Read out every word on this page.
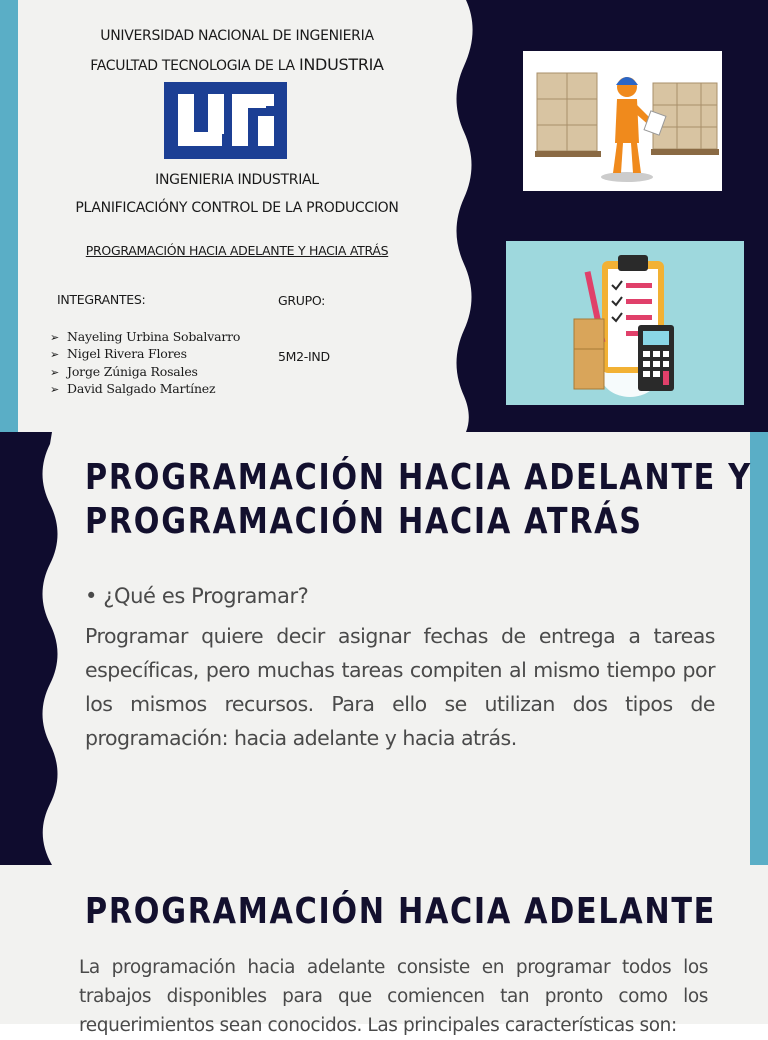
UNIVERSIDAD NACIONAL DE INGENIERIA
FACULTAD TECNOLOGIA DE LA INDUSTRIA
INGENIERIA INDUSTRIAL
PLANIFICACIÓNY CONTROL DE LA PRODUCCION
PROGRAMACIÓN HACIA ADELANTE Y HACIA ATRÁS
INTEGRANTES:	GRUPO:
5M2-IND
➢ Nayeling Urbina Sobalvarro
➢ Nigel Rivera Flores
➢ Jorge Zúniga Rosales
➢ David Salgado Martínez
PROGRAMACIÓN HACIA ADELANTE Y
PROGRAMACIÓN HACIA ATRÁS

• ¿Qué es Programar?

Programar quiere decir asignar fechas de entrega a tareas específicas, pero muchas tareas compiten al mismo tiempo por los mismos recursos. Para ello se utilizan dos tipos de programación: hacia adelante y hacia atrás.

PROGRAMACIÓN HACIA ADELANTE

La programación hacia adelante consiste en programar todos los trabajos disponibles para que comiencen tan pronto como los requerimientos sean conocidos. Las principales características son:
